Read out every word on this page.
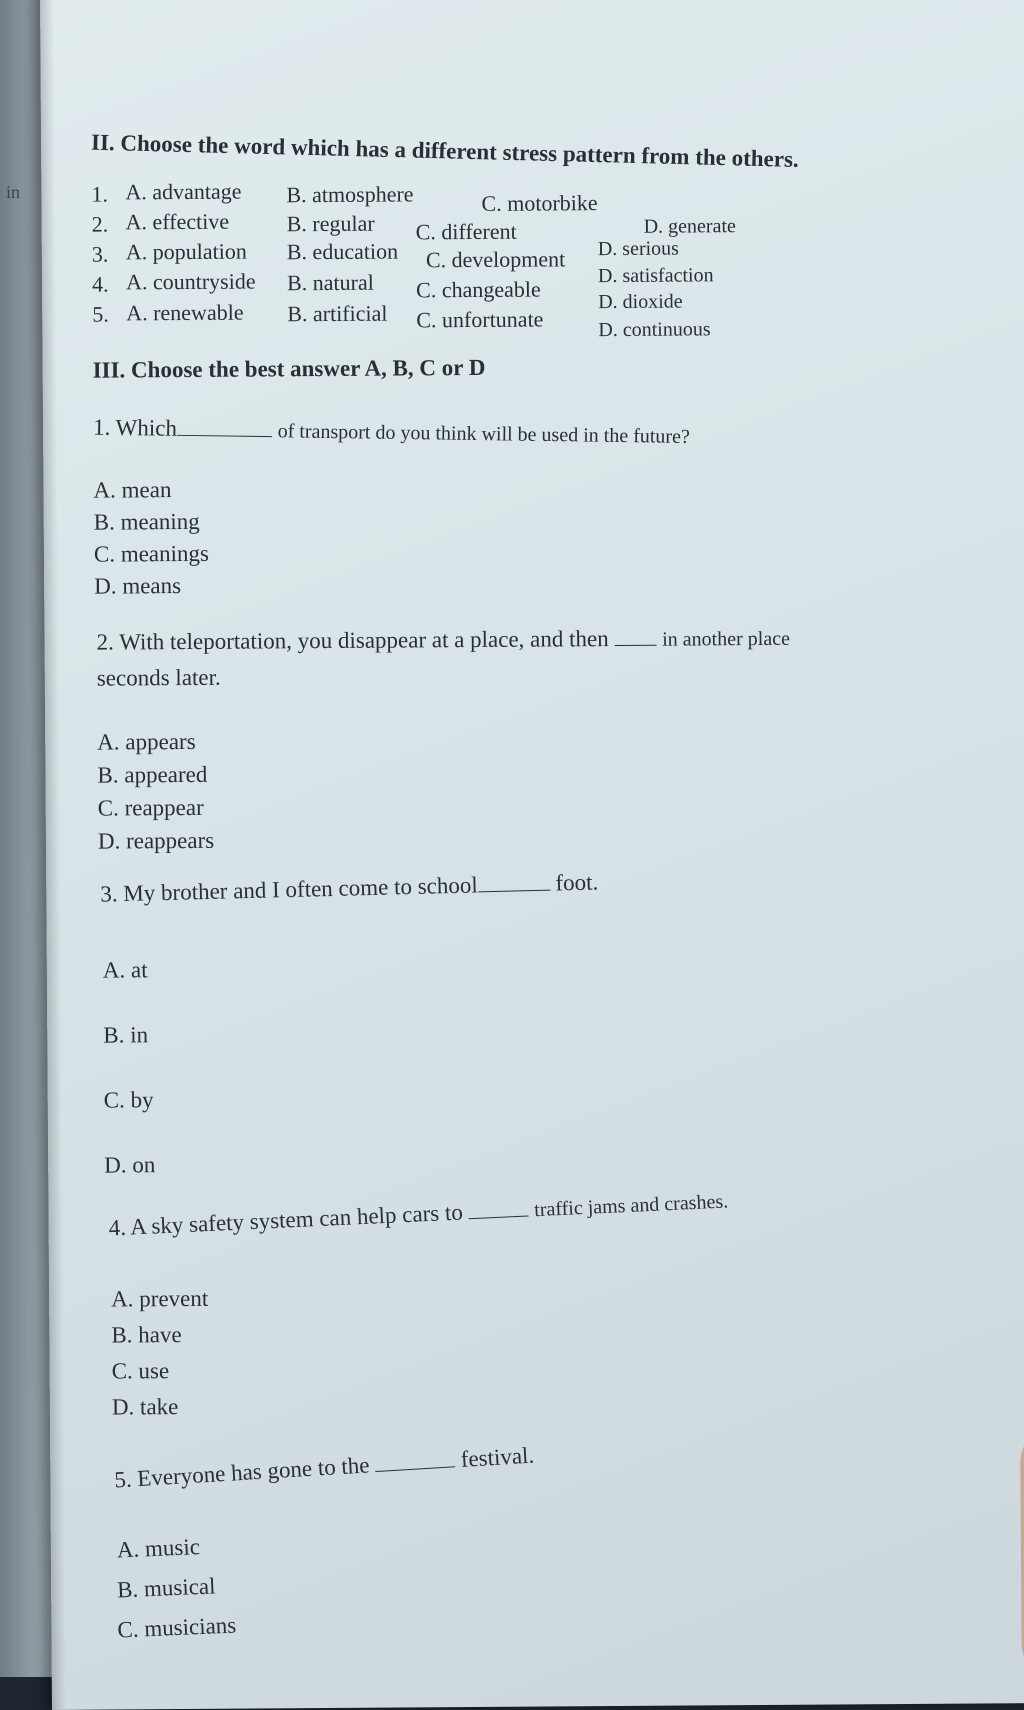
in
II. Choose the word which has a different stress pattern from the others.
1. A. advantage B. atmosphere	C. motorbike
D. generate
2. A. effective	B. regular C. different
D. serious
3. A. population B. education C. development
D. satisfaction
4. A. countryside B. natural C. changeable	D. dioxide
5. A. renewable B. artificial C. unfortunate	D. continuous
III. Choose the best answer A, B, C or D
1. Which	of transport do you think will be used in the future?
A. mean
B. meaning
C. meanings
D. means
2. With teleportation, you disappear at a place, and then	in another place
seconds later.
A. appears
B. appeared
C. reappear
D. reappears
3. My brother and I often come to school	foot.
A. at
B. in
C. by
D. on
4. A sky safety system can help cars to	traffic jams and crashes.
A. prevent
B. have
C. use
D. take
5. Everyone has gone to the	festival.
A. music
B. musical
C. musicians
